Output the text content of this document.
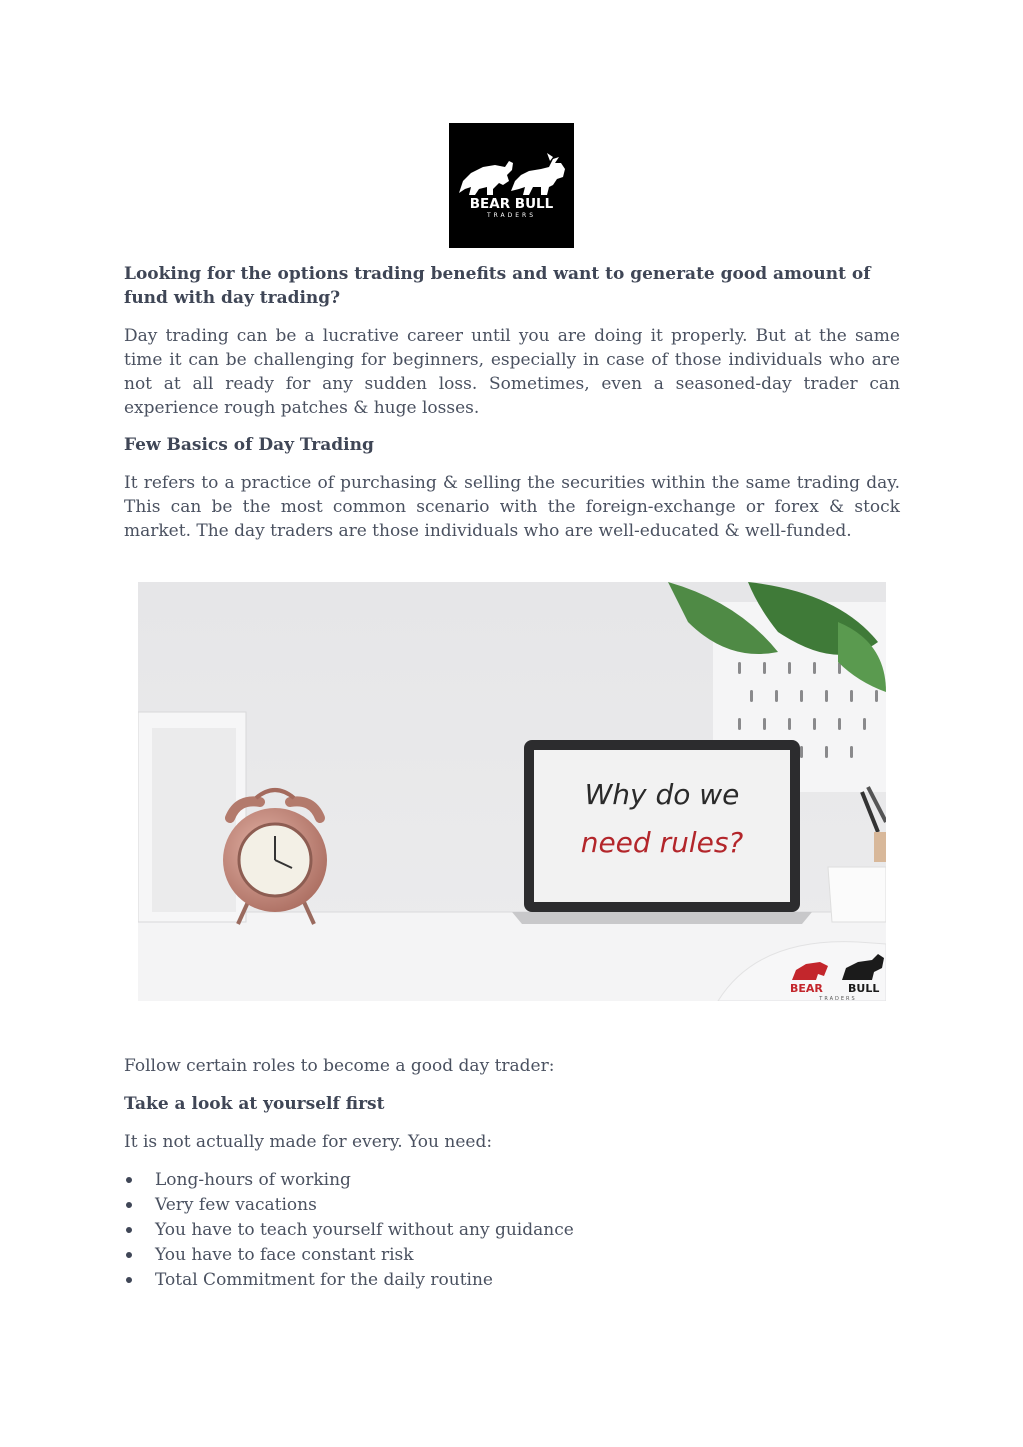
BEAR BULL
TRADERS

Looking for the options trading benefits and want to generate good amount of fund with day trading?

Day trading can be a lucrative career until you are doing it properly. But at the same time it can be challenging for beginners, especially in case of those individuals who are not at all ready for any sudden loss. Sometimes, even a seasoned-day trader can experience rough patches & huge losses.

Few Basics of Day Trading

It refers to a practice of purchasing & selling the securities within the same trading day. This can be the most common scenario with the foreign-exchange or forex & stock market. The day traders are those individuals who are well-educated & well-funded.

Why do we
need rules?
BEAR BULL
TRADERS

Follow certain roles to become a good day trader:

Take a look at yourself first

It is not actually made for every. You need:

Long-hours of working
Very few vacations
You have to teach yourself without any guidance
You have to face constant risk
Total Commitment for the daily routine
